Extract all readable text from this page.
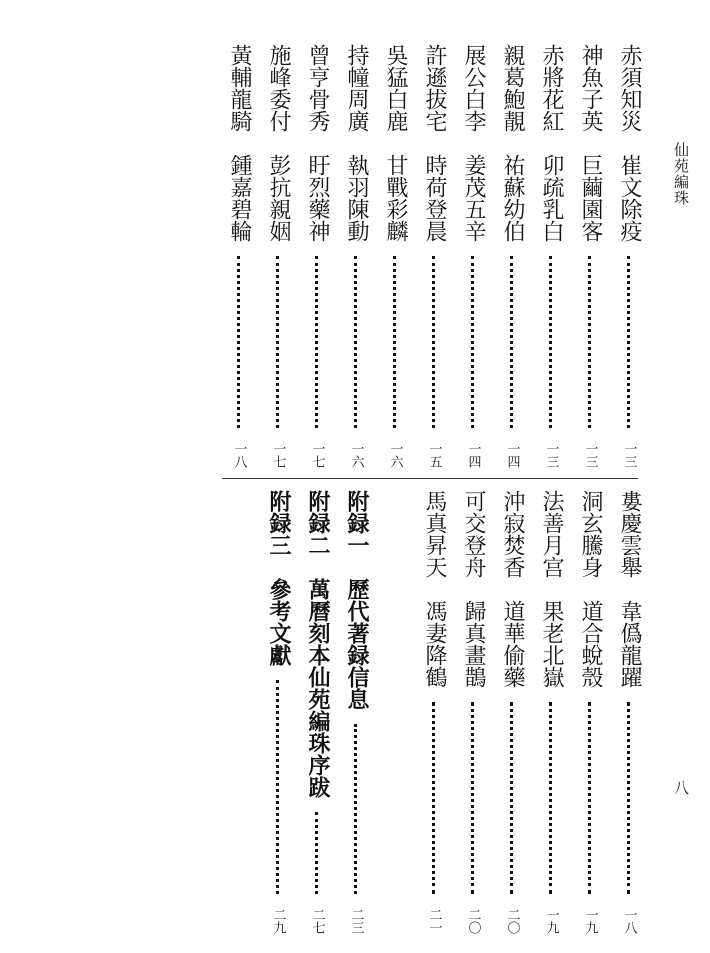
仙苑編珠
八
赤須知災
崔文除疫
一三
神魚子英
巨繭園客
一三
赤將花紅
卯疏乳白
一三
親葛鮑靚
祐蘇幼伯
一四
展公白李
姜茂五辛
一四
許遜拔宅
時荷登晨
一五
吳猛白鹿
甘戰彩麟
一六
持幢周廣
執羽陳動
一六
曾亨骨秀
盱烈藥神
一七
施峰委付
彭抗親姻
一七
黃輔龍騎
鍾嘉碧輪
一八
婁慶雲舉
韋僞龍躍
一八
洞玄騰身
道合蛻殼
一九
法善月宫
果老北嶽
一九
沖寂焚香
道華偷藥
二〇
可交登舟
歸真畫鵲
二〇
馬真昇天
馮妻降鶴
二一
附録一
歷代著録信息
二三
附録二
萬曆刻本仙苑編珠序跋
二七
附録三
參考文獻
二九
